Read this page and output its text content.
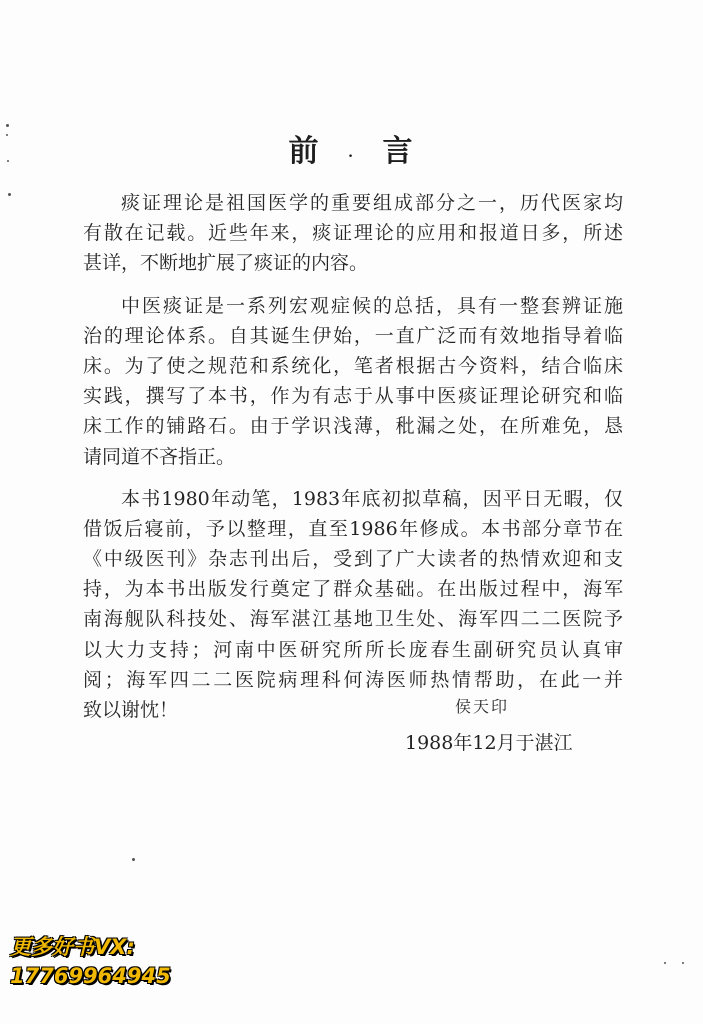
前 . 言
痰证理论是祖国医学的重要组成部分之一，历代医家均
有散在记载。近些年来，痰证理论的应用和报道日多，所述
甚详，不断地扩展了痰证的内容。
中医痰证是一系列宏观症候的总括，具有一整套辨证施
治的理论体系。自其诞生伊始，一直广泛而有效地指导着临
床。为了使之规范和系统化，笔者根据古今资料，结合临床
实践，撰写了本书，作为有志于从事中医痰证理论研究和临
床工作的铺路石。由于学识浅薄，秕漏之处，在所难免，恳
请同道不吝指正。
本书1980年动笔，1983年底初拟草稿，因平日无暇，仅
借饭后寝前，予以整理，直至1986年修成。本书部分章节在
《中级医刊》杂志刊出后，受到了广大读者的热情欢迎和支
持，为本书出版发行奠定了群众基础。在出版过程中，海军
南海舰队科技处、海军湛江基地卫生处、海军四二二医院予
以大力支持；河南中医研究所所长庞春生副研究员认真审
阅；海军四二二医院病理科何涛医师热情帮助，在此一并
致以谢忱！	侯天印
1988年12月于湛江
更多好书VX:
17769964945
